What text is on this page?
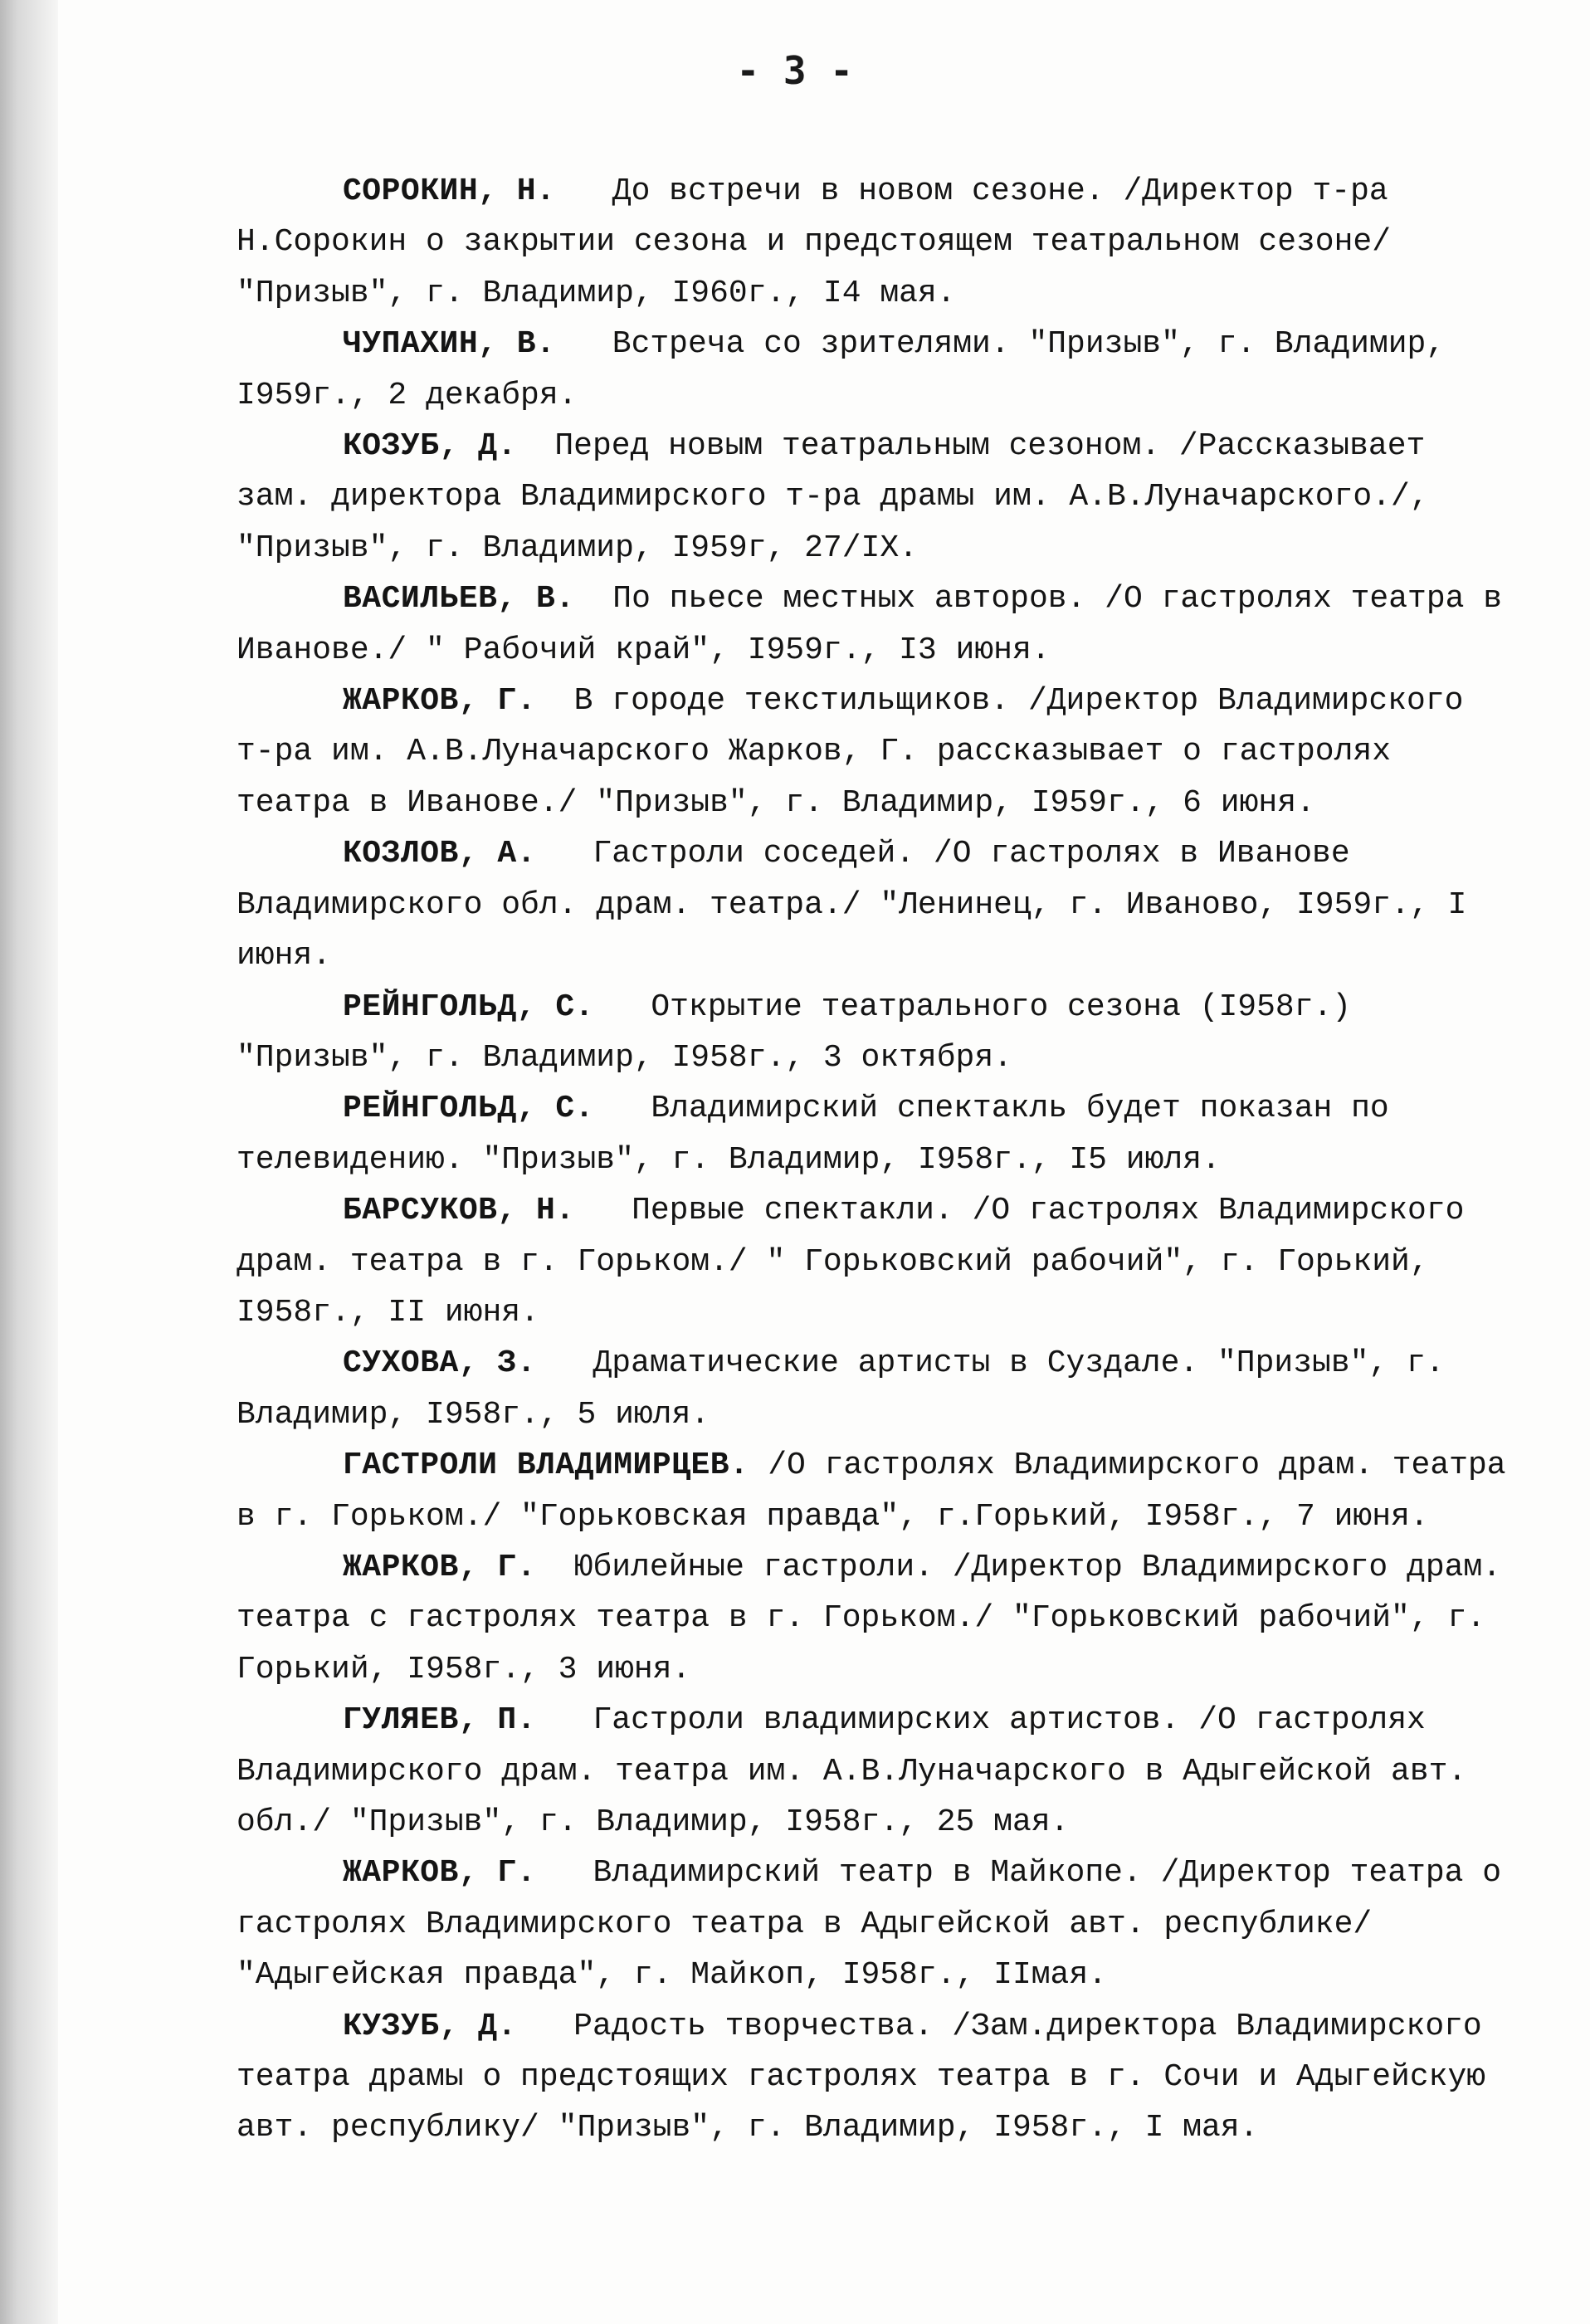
- 3 -

СОРОКИН, Н. До встречи в новом сезоне. /Директор т-ра Н.Сорокин о закрытии сезона и предстоящем театральном сезоне/ "Призыв", г. Владимир, I960г., I4 мая.

ЧУПАХИН, В. Встреча со зрителями. "Призыв", г. Владимир, I959г., 2 декабря.

КОЗУБ, Д. Перед новым театральным сезоном. /Рассказывает зам. директора Владимирского т-ра драмы им. А.В.Луначарского./, "Призыв", г. Владимир, I959г, 27/IX.

ВАСИЛЬЕВ, В. По пьесе местных авторов. /О гастролях театра в Иванове./ " Рабочий край", I959г., I3 июня.

ЖАРКОВ, Г. В городе текстильщиков. /Директор Владимирского т-ра им. А.В.Луначарского Жарков, Г. рассказывает о гастролях театра в Иванове./ "Призыв", г. Владимир, I959г., 6 июня.

КОЗЛОВ, А. Гастроли соседей. /О гастролях в Иванове Владимирского обл. драм. театра./ "Ленинец, г. Иваново, I959г., I июня.

РЕЙНГОЛЬД, С. Открытие театрального сезона (I958г.) "Призыв", г. Владимир, I958г., 3 октября.

РЕЙНГОЛЬД, С. Владимирский спектакль будет показан по телевидению. "Призыв", г. Владимир, I958г., I5 июля.

БАРСУКОВ, Н. Первые спектакли. /О гастролях Владимирского драм. театра в г. Горьком./ " Горьковский рабочий", г. Горький, I958г., II июня.

СУХОВА, З. Драматические артисты в Суздале. "Призыв", г. Владимир, I958г., 5 июля.

ГАСТРОЛИ ВЛАДИМИРЦЕВ. /О гастролях Владимирского драм. театра в г. Горьком./ "Горьковская правда", г.Горький, I958г., 7 июня.

ЖАРКОВ, Г. Юбилейные гастроли. /Директор Владимирского драм. театра с гастролях театра в г. Горьком./ "Горьковский рабочий", г. Горький, I958г., 3 июня.

ГУЛЯЕВ, П. Гастроли владимирских артистов. /О гастролях Владимирского драм. театра им. А.В.Луначарского в Адыгейской авт. обл./ "Призыв", г. Владимир, I958г., 25 мая.

ЖАРКОВ, Г. Владимирский театр в Майкопе. /Директор театра о гастролях Владимирского театра в Адыгейской авт. республике/ "Адыгейская правда", г. Майкоп, I958г., IIмая.

КУЗУБ, Д. Радость творчества. /Зам.директора Владимирского театра драмы о предстоящих гастролях театра в г. Сочи и Адыгейскую авт. республику/ "Призыв", г. Владимир, I958г., I мая.
